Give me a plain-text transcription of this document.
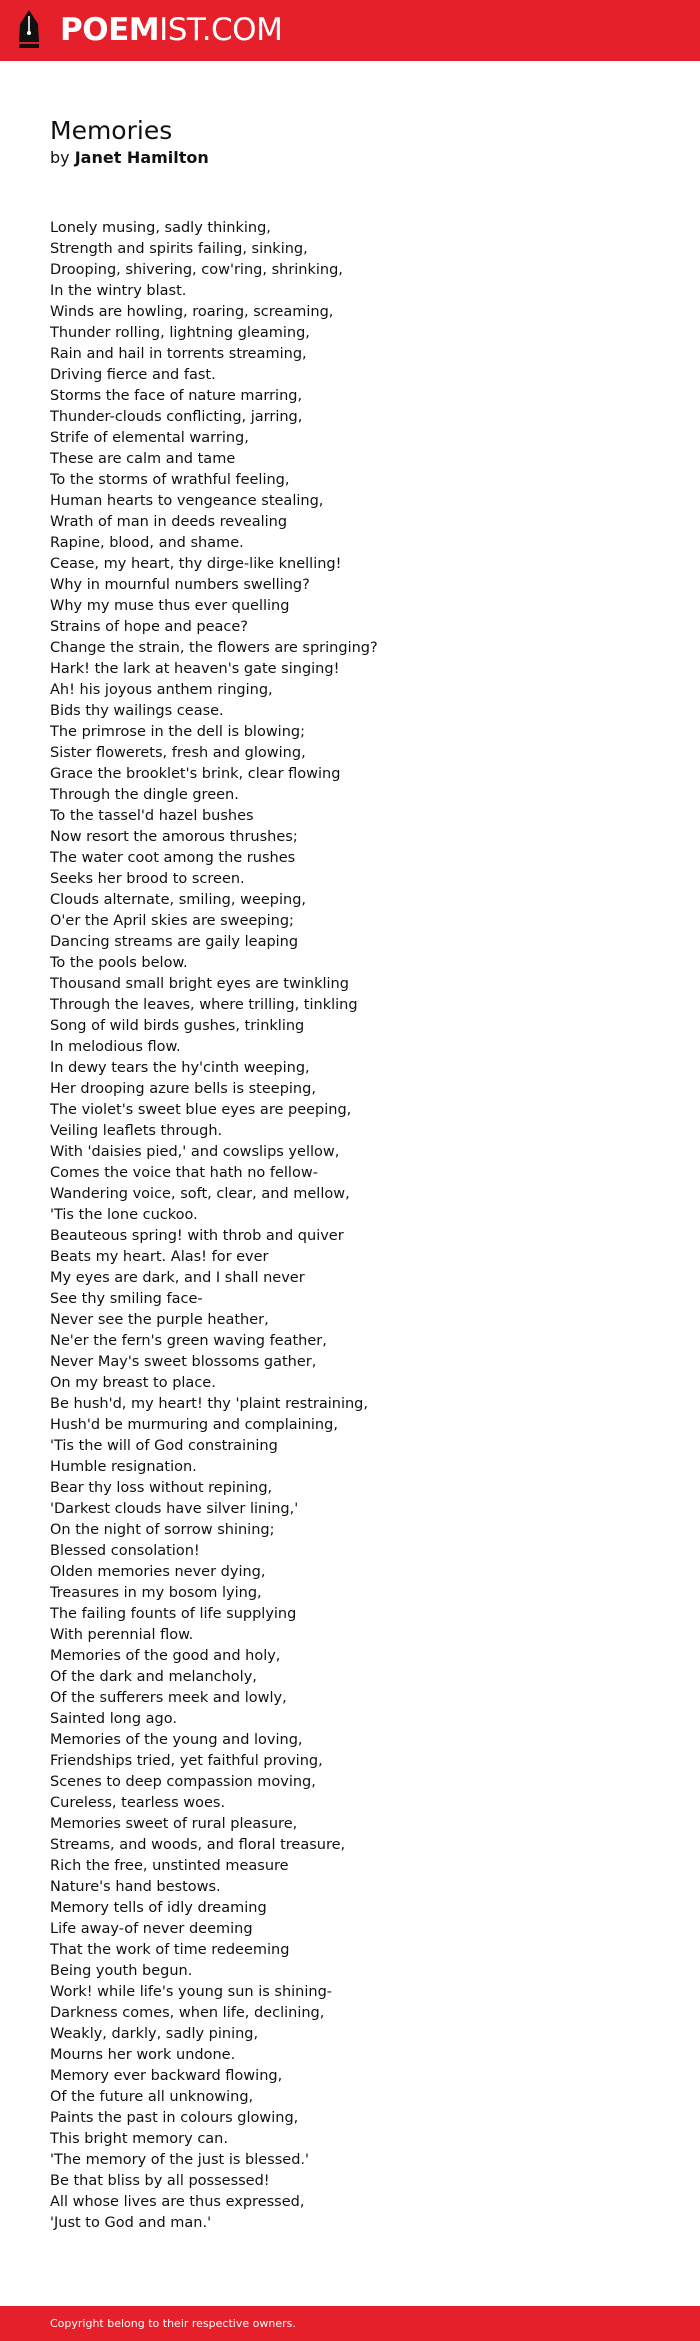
POEMIST.COM
Memories
by Janet Hamilton
Lonely musing, sadly thinking,
Strength and spirits failing, sinking,
Drooping, shivering, cow'ring, shrinking,
In the wintry blast.
Winds are howling, roaring, screaming,
Thunder rolling, lightning gleaming,
Rain and hail in torrents streaming,
Driving fierce and fast.
Storms the face of nature marring,
Thunder-clouds conflicting, jarring,
Strife of elemental warring,
These are calm and tame
To the storms of wrathful feeling,
Human hearts to vengeance stealing,
Wrath of man in deeds revealing
Rapine, blood, and shame.
Cease, my heart, thy dirge-like knelling!
Why in mournful numbers swelling?
Why my muse thus ever quelling
Strains of hope and peace?
Change the strain, the flowers are springing?
Hark! the lark at heaven's gate singing!
Ah! his joyous anthem ringing,
Bids thy wailings cease.
The primrose in the dell is blowing;
Sister flowerets, fresh and glowing,
Grace the brooklet's brink, clear flowing
Through the dingle green.
To the tassel'd hazel bushes
Now resort the amorous thrushes;
The water coot among the rushes
Seeks her brood to screen.
Clouds alternate, smiling, weeping,
O'er the April skies are sweeping;
Dancing streams are gaily leaping
To the pools below.
Thousand small bright eyes are twinkling
Through the leaves, where trilling, tinkling
Song of wild birds gushes, trinkling
In melodious flow.
In dewy tears the hy'cinth weeping,
Her drooping azure bells is steeping,
The violet's sweet blue eyes are peeping,
Veiling leaflets through.
With 'daisies pied,' and cowslips yellow,
Comes the voice that hath no fellow-
Wandering voice, soft, clear, and mellow,
'Tis the lone cuckoo.
Beauteous spring! with throb and quiver
Beats my heart. Alas! for ever
My eyes are dark, and I shall never
See thy smiling face-
Never see the purple heather,
Ne'er the fern's green waving feather,
Never May's sweet blossoms gather,
On my breast to place.
Be hush'd, my heart! thy 'plaint restraining,
Hush'd be murmuring and complaining,
'Tis the will of God constraining
Humble resignation.
Bear thy loss without repining,
'Darkest clouds have silver lining,'
On the night of sorrow shining;
Blessed consolation!
Olden memories never dying,
Treasures in my bosom lying,
The failing founts of life supplying
With perennial flow.
Memories of the good and holy,
Of the dark and melancholy,
Of the sufferers meek and lowly,
Sainted long ago.
Memories of the young and loving,
Friendships tried, yet faithful proving,
Scenes to deep compassion moving,
Cureless, tearless woes.
Memories sweet of rural pleasure,
Streams, and woods, and floral treasure,
Rich the free, unstinted measure
Nature's hand bestows.
Memory tells of idly dreaming
Life away-of never deeming
That the work of time redeeming
Being youth begun.
Work! while life's young sun is shining-
Darkness comes, when life, declining,
Weakly, darkly, sadly pining,
Mourns her work undone.
Memory ever backward flowing,
Of the future all unknowing,
Paints the past in colours glowing,
This bright memory can.
'The memory of the just is blessed.'
Be that bliss by all possessed!
All whose lives are thus expressed,
'Just to God and man.'
Copyright belong to their respective owners.
